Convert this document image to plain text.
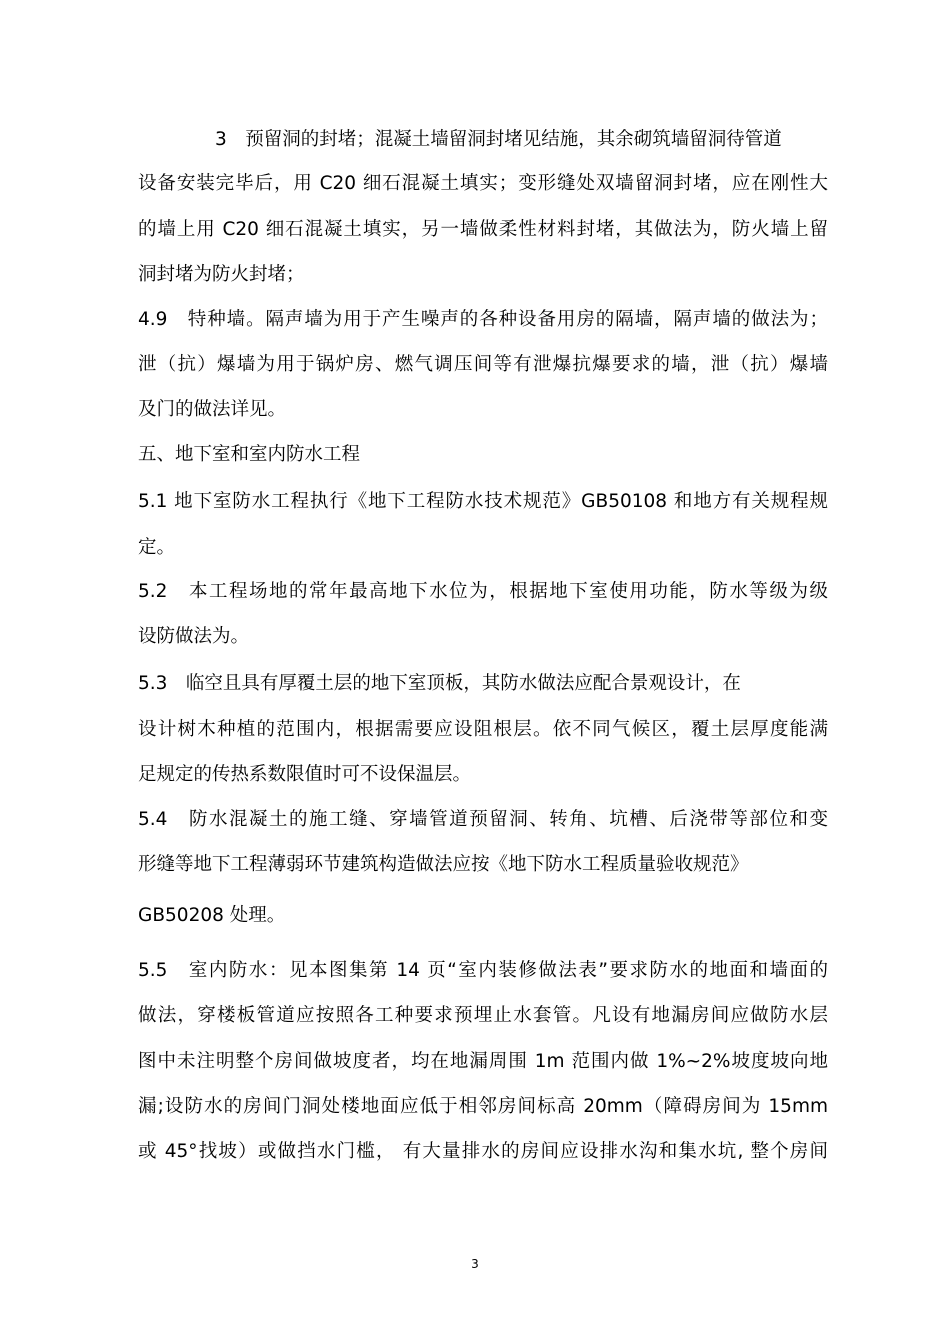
3　预留洞的封堵；混凝土墙留洞封堵见结施，其余砌筑墙留洞待管道
设备安装完毕后，用 C20 细石混凝土填实；变形缝处双墙留洞封堵，应在刚性大
的墙上用 C20 细石混凝土填实，另一墙做柔性材料封堵，其做法为，防火墙上留
洞封堵为防火封堵；
4.9　特种墙。隔声墙为用于产生噪声的各种设备用房的隔墙，隔声墙的做法为；
泄（抗）爆墙为用于锅炉房、燃气调压间等有泄爆抗爆要求的墙，泄（抗）爆墙
及门的做法详见。
五、地下室和室内防水工程
5.1 地下室防水工程执行《地下工程防水技术规范》GB50108 和地方有关规程规
定。
5.2　本工程场地的常年最高地下水位为，根据地下室使用功能，防水等级为级
设防做法为。
5.3　临空且具有厚覆土层的地下室顶板，其防水做法应配合景观设计，在
设计树木种植的范围内，根据需要应设阻根层。依不同气候区，覆土层厚度能满
足规定的传热系数限值时可不设保温层。
5.4　防水混凝土的施工缝、穿墙管道预留洞、转角、坑槽、后浇带等部位和变
形缝等地下工程薄弱环节建筑构造做法应按《地下防水工程质量验收规范》
GB50208 处理。
5.5　室内防水：见本图集第 14 页“室内装修做法表”要求防水的地面和墙面的
做法，穿楼板管道应按照各工种要求预埋止水套管。凡设有地漏房间应做防水层
图中未注明整个房间做坡度者，均在地漏周围 1m 范围内做 1%~2%坡度坡向地
漏;设防水的房间门洞处楼地面应低于相邻房间标高 20mm（障碍房间为 15mm
或 45°找坡）或做挡水门槛， 有大量排水的房间应设排水沟和集水坑, 整个房间
3
